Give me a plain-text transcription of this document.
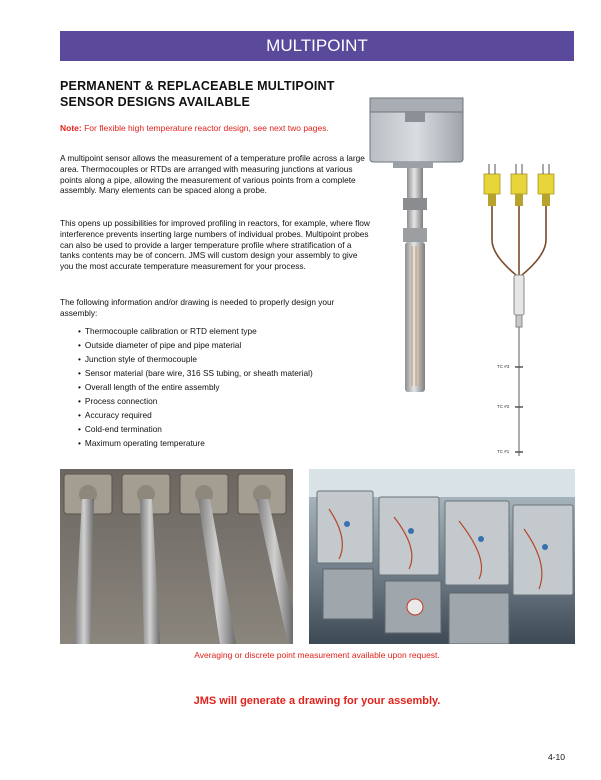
MULTIPOINT
PERMANENT & REPLACEABLE MULTIPOINT
SENSOR DESIGNS AVAILABLE
Note: For flexible high temperature reactor design, see next two pages.
A multipoint sensor allows the measurement of a temperature profile across a large area. Thermocouples or RTDs are arranged with measuring junctions at various points along a pipe, allowing the measurement of various points from a complete assembly. Many elements can be spaced along a probe.
This opens up possibilities for improved profiling in reactors, for example, where flow interference prevents inserting large numbers of individual probes. Multipoint probes can also be used to provide a larger temperature profile where stratification of a tanks contents may be of concern. JMS will custom design your assembly to give you the most accurate temperature measurement for your process.
The following information and/or drawing is needed to properly design your assembly:
• Thermocouple calibration or RTD element type
• Outside diameter of pipe and pipe material
• Junction style of thermocouple
• Sensor material (bare wire, 316 SS tubing, or sheath material)
• Overall length of the entire assembly
• Process connection
• Accuracy required
• Cold-end termination
• Maximum operating temperature
TC #3
TC #2
TC #1
Averaging or discrete point measurement available upon request.
JMS will generate a drawing for your assembly.
4-10
